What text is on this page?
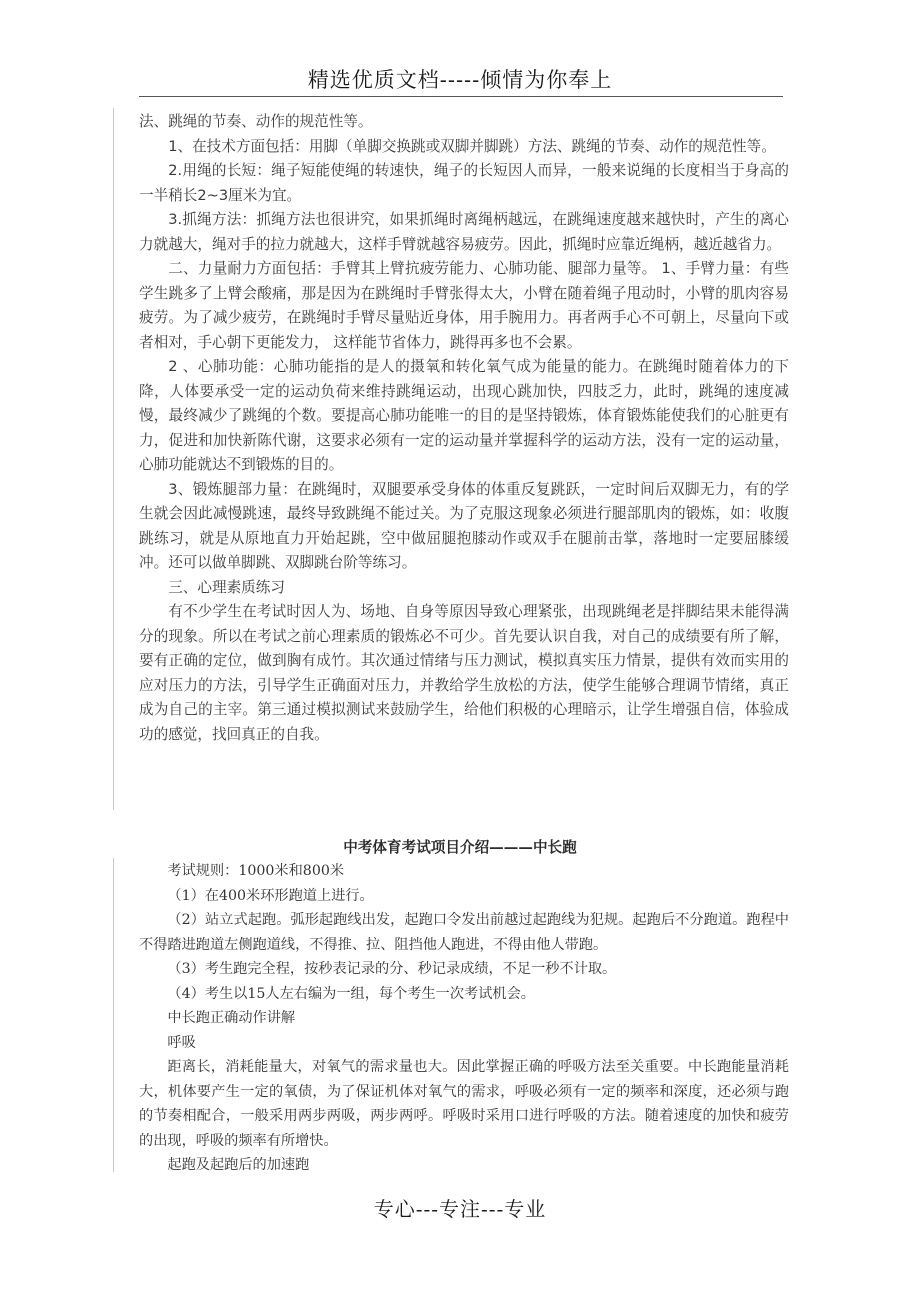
精选优质文档-----倾情为你奉上

法、跳绳的节奏、动作的规范性等。

1、在技术方面包括：用脚（单脚交换跳或双脚并脚跳）方法、跳绳的节奏、动作的规范性等。

2.用绳的长短：绳子短能使绳的转速快，绳子的长短因人而异，一般来说绳的长度相当于身高的一半稍长2~3厘米为宜。

3.抓绳方法：抓绳方法也很讲究，如果抓绳时离绳柄越远，在跳绳速度越来越快时，产生的离心力就越大，绳对手的拉力就越大，这样手臂就越容易疲劳。因此，抓绳时应靠近绳柄，越近越省力。

二、力量耐力方面包括：手臂其上臂抗疲劳能力、心肺功能、腿部力量等。 1、手臂力量：有些学生跳多了上臂会酸痛，那是因为在跳绳时手臂张得太大，小臂在随着绳子甩动时，小臂的肌肉容易疲劳。为了减少疲劳，在跳绳时手臂尽量贴近身体，用手腕用力。再者两手心不可朝上，尽量向下或者相对，手心朝下更能发力， 这样能节省体力，跳得再多也不会累。

2 、心肺功能：心肺功能指的是人的摄氧和转化氧气成为能量的能力。在跳绳时随着体力的下降，人体要承受一定的运动负荷来维持跳绳运动，出现心跳加快，四肢乏力，此时，跳绳的速度减慢，最终减少了跳绳的个数。要提高心肺功能唯一的目的是坚持锻炼，体育锻炼能使我们的心脏更有力，促进和加快新陈代谢，这要求必须有一定的运动量并掌握科学的运动方法，没有一定的运动量，心肺功能就达不到锻炼的目的。

3、锻炼腿部力量：在跳绳时，双腿要承受身体的体重反复跳跃，一定时间后双脚无力，有的学生就会因此减慢跳速，最终导致跳绳不能过关。为了克服这现象必须进行腿部肌肉的锻炼，如：收腹跳练习，就是从原地直力开始起跳，空中做屈腿抱膝动作或双手在腿前击掌，落地时一定要屈膝缓冲。还可以做单脚跳、双脚跳台阶等练习。

三、心理素质练习

有不少学生在考试时因人为、场地、自身等原因导致心理紧张，出现跳绳老是拌脚结果未能得满分的现象。所以在考试之前心理素质的锻炼必不可少。首先要认识自我，对自己的成绩要有所了解，要有正确的定位，做到胸有成竹。其次通过情绪与压力测试，模拟真实压力情景，提供有效而实用的应对压力的方法，引导学生正确面对压力，并教给学生放松的方法，使学生能够合理调节情绪，真正成为自己的主宰。第三通过模拟测试来鼓励学生，给他们积极的心理暗示，让学生增强自信，体验成功的感觉，找回真正的自我。

中考体育考试项目介绍———中长跑

考试规则：1000米和800米

（1）在400米环形跑道上进行。

（2）站立式起跑。弧形起跑线出发，起跑口令发出前越过起跑线为犯规。起跑后不分跑道。跑程中不得踏进跑道左侧跑道线，不得推、拉、阻挡他人跑进，不得由他人带跑。

（3）考生跑完全程，按秒表记录的分、秒记录成绩，不足一秒不计取。

（4）考生以15人左右编为一组，每个考生一次考试机会。

中长跑正确动作讲解

呼吸

距离长，消耗能量大，对氧气的需求量也大。因此掌握正确的呼吸方法至关重要。中长跑能量消耗大，机体要产生一定的氧债，为了保证机体对氧气的需求，呼吸必须有一定的频率和深度，还必须与跑的节奏相配合，一般采用两步两吸，两步两呼。呼吸时采用口进行呼吸的方法。随着速度的加快和疲劳的出现，呼吸的频率有所增快。

起跑及起跑后的加速跑

专心---专注---专业
